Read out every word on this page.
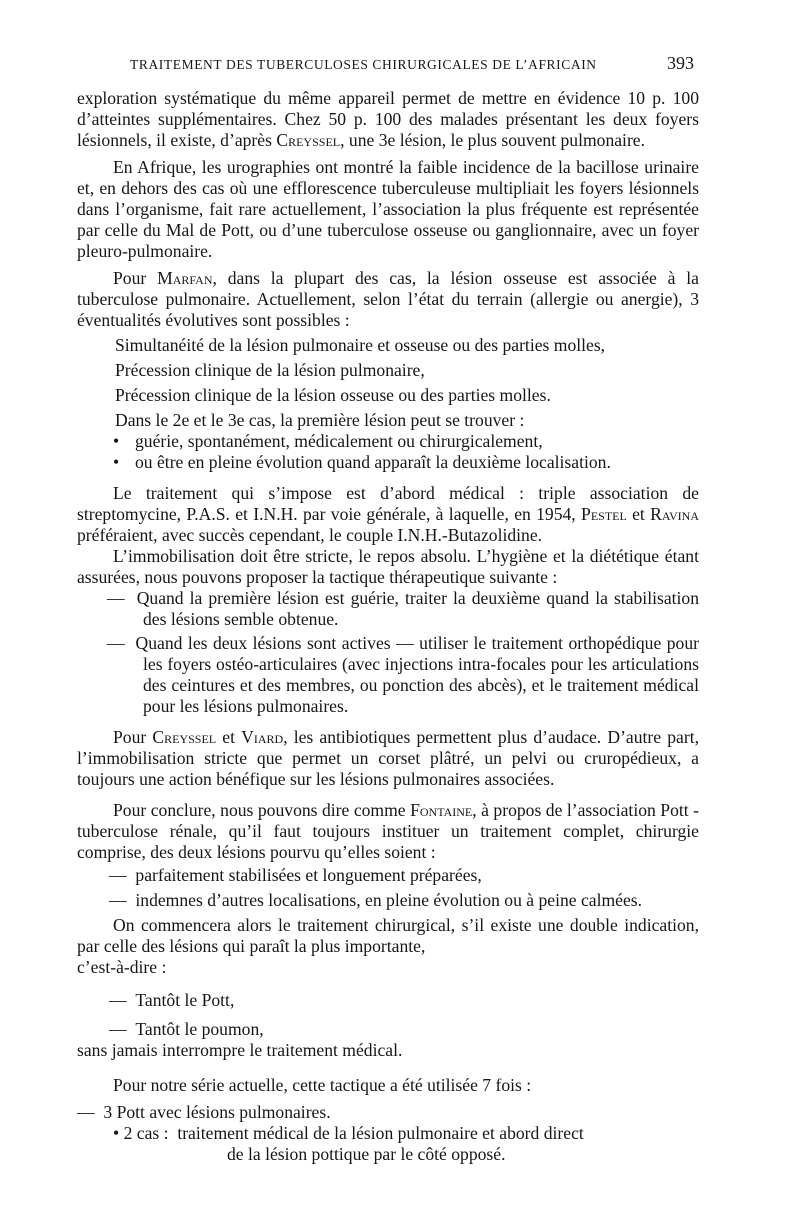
TRAITEMENT DES TUBERCULOSES CHIRURGICALES DE L’AFRICAIN	393

exploration systématique du même appareil permet de mettre en évidence 10 p. 100 d’atteintes supplémentaires. Chez 50 p. 100 des malades présentant les deux foyers lésionnels, il existe, d’après Creyssel, une 3e lésion, le plus souvent pulmonaire.

En Afrique, les urographies ont montré la faible incidence de la bacillose urinaire et, en dehors des cas où une efflorescence tuberculeuse multipliait les foyers lésionnels dans l’organisme, fait rare actuellement, l’association la plus fréquente est représentée par celle du Mal de Pott, ou d’une tuberculose osseuse ou ganglionnaire, avec un foyer pleuro-pulmonaire.

Pour Marfan, dans la plupart des cas, la lésion osseuse est associée à la tuberculose pulmonaire. Actuellement, selon l’état du terrain (allergie ou anergie), 3 éventualités évolutives sont possibles :

Simultanéité de la lésion pulmonaire et osseuse ou des parties molles,

Précession clinique de la lésion pulmonaire,

Précession clinique de la lésion osseuse ou des parties molles.

Dans le 2e et le 3e cas, la première lésion peut se trouver :

• guérie, spontanément, médicalement ou chirurgicalement,

• ou être en pleine évolution quand apparaît la deuxième localisation.

Le traitement qui s’impose est d’abord médical : triple association de streptomycine, P.A.S. et I.N.H. par voie générale, à laquelle, en 1954, Pestel et Ravina préféraient, avec succès cependant, le couple I.N.H.-Butazolidine.

L’immobilisation doit être stricte, le repos absolu. L’hygiène et la diététique étant assurées, nous pouvons proposer la tactique thérapeutique suivante :

—  Quand la première lésion est guérie, traiter la deuxième quand la stabilisation des lésions semble obtenue.

—  Quand les deux lésions sont actives — utiliser le traitement orthopédique pour les foyers ostéo-articulaires (avec injections intra-focales pour les articulations des ceintures et des membres, ou ponction des abcès), et le traitement médical pour les lésions pulmonaires.

Pour Creyssel et Viard, les antibiotiques permettent plus d’audace. D’autre part, l’immobilisation stricte que permet un corset plâtré, un pelvi ou cruropédieux, a toujours une action bénéfique sur les lésions pulmonaires associées.

Pour conclure, nous pouvons dire comme Fontaine, à propos de l’association Pott - tuberculose rénale, qu’il faut toujours instituer un traitement complet, chirurgie comprise, des deux lésions pourvu qu’elles soient :

—  parfaitement stabilisées et longuement préparées,

—  indemnes d’autres localisations, en pleine évolution ou à peine calmées.

On commencera alors le traitement chirurgical, s’il existe une double indication, par celle des lésions qui paraît la plus importante,

c’est-à-dire :

—  Tantôt le Pott,

—  Tantôt le poumon,

sans jamais interrompre le traitement médical.

Pour notre série actuelle, cette tactique a été utilisée 7 fois :

—  3 Pott avec lésions pulmonaires.

• 2 cas : traitement médical de la lésion pulmonaire et abord direct

de la lésion pottique par le côté opposé.
